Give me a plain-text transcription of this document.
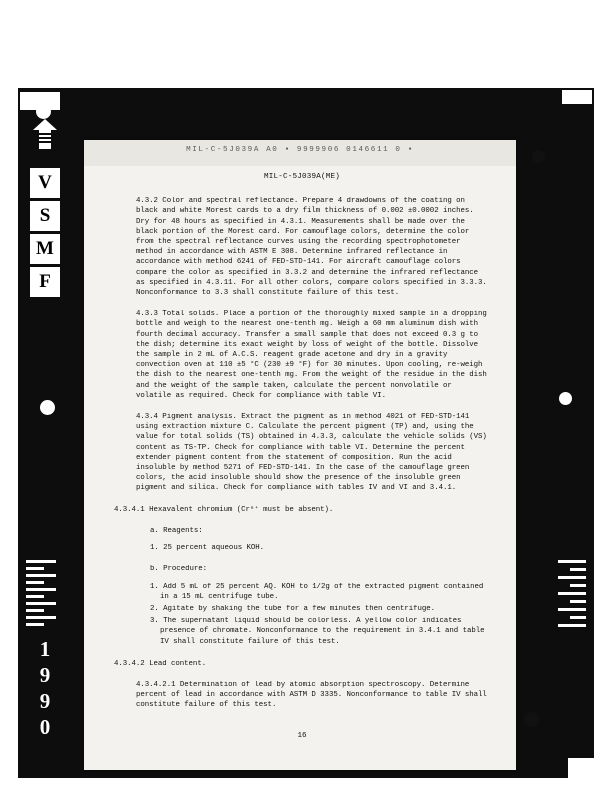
V
S
M
F
1
9
9
0
MIL-C-5J039A A0 ▪ 9999906 0146611 0 ▪
MIL-C-5J039A(ME)

4.3.2 Color and spectral reflectance. Prepare 4 drawdowns of the coating on black and white Morest cards to a dry film thickness of 0.002 ±0.0002 inches. Dry for 48 hours as specified in 4.3.1. Measurements shall be made over the black portion of the Morest card. For camouflage colors, determine the color from the spectral reflectance curves using the recording spectrophotometer method in accordance with ASTM E 308. Determine infrared reflectance in accordance with method 6241 of FED-STD-141. For aircraft camouflage colors compare the color as specified in 3.3.2 and determine the infrared reflectance as specified in 4.3.11. For all other colors, compare colors specified in 3.3.3. Nonconformance to 3.3 shall constitute failure of this test.

4.3.3 Total solids. Place a portion of the thoroughly mixed sample in a dropping bottle and weigh to the nearest one-tenth mg. Weigh a 60 mm aluminum dish with fourth decimal accuracy. Transfer a small sample that does not exceed 0.3 g to the dish; determine its exact weight by loss of weight of the bottle. Dissolve the sample in 2 mL of A.C.S. reagent grade acetone and dry in a gravity convection oven at 110 ±5 °C (230 ±9 °F) for 30 minutes. Upon cooling, re-weigh the dish to the nearest one-tenth mg. From the weight of the residue in the dish and the weight of the sample taken, calculate the percent nonvolatile or volatile as required. Check for compliance with table VI.

4.3.4 Pigment analysis. Extract the pigment as in method 4021 of FED-STD-141 using extraction mixture C. Calculate the percent pigment (TP) and, using the value for total solids (TS) obtained in 4.3.3, calculate the vehicle solids (VS) content as TS-TP. Check for compliance with table VI. Determine the percent extender pigment content from the statement of composition. Run the acid insoluble by method 5271 of FED-STD-141. In the case of the camouflage green colors, the acid insoluble should show the presence of the insoluble green pigment and silica. Check for compliance with tables IV and VI and 3.4.1.

4.3.4.1 Hexavalent chromium (Cr⁶⁺ must be absent).

a. Reagents:

1. 25 percent aqueous KOH.

b. Procedure:

1. Add 5 mL of 25 percent AQ. KOH to 1/2g of the extracted pigment contained in a 15 mL centrifuge tube.

2. Agitate by shaking the tube for a few minutes then centrifuge.

3. The supernatant liquid should be colorless. A yellow color indicates presence of chromate. Nonconformance to the requirement in 3.4.1 and table IV shall constitute failure of this test.

4.3.4.2 Lead content.

4.3.4.2.1 Determination of lead by atomic absorption spectroscopy. Determine percent of lead in accordance with ASTM D 3335. Nonconformance to table IV shall constitute failure of this test.

16
